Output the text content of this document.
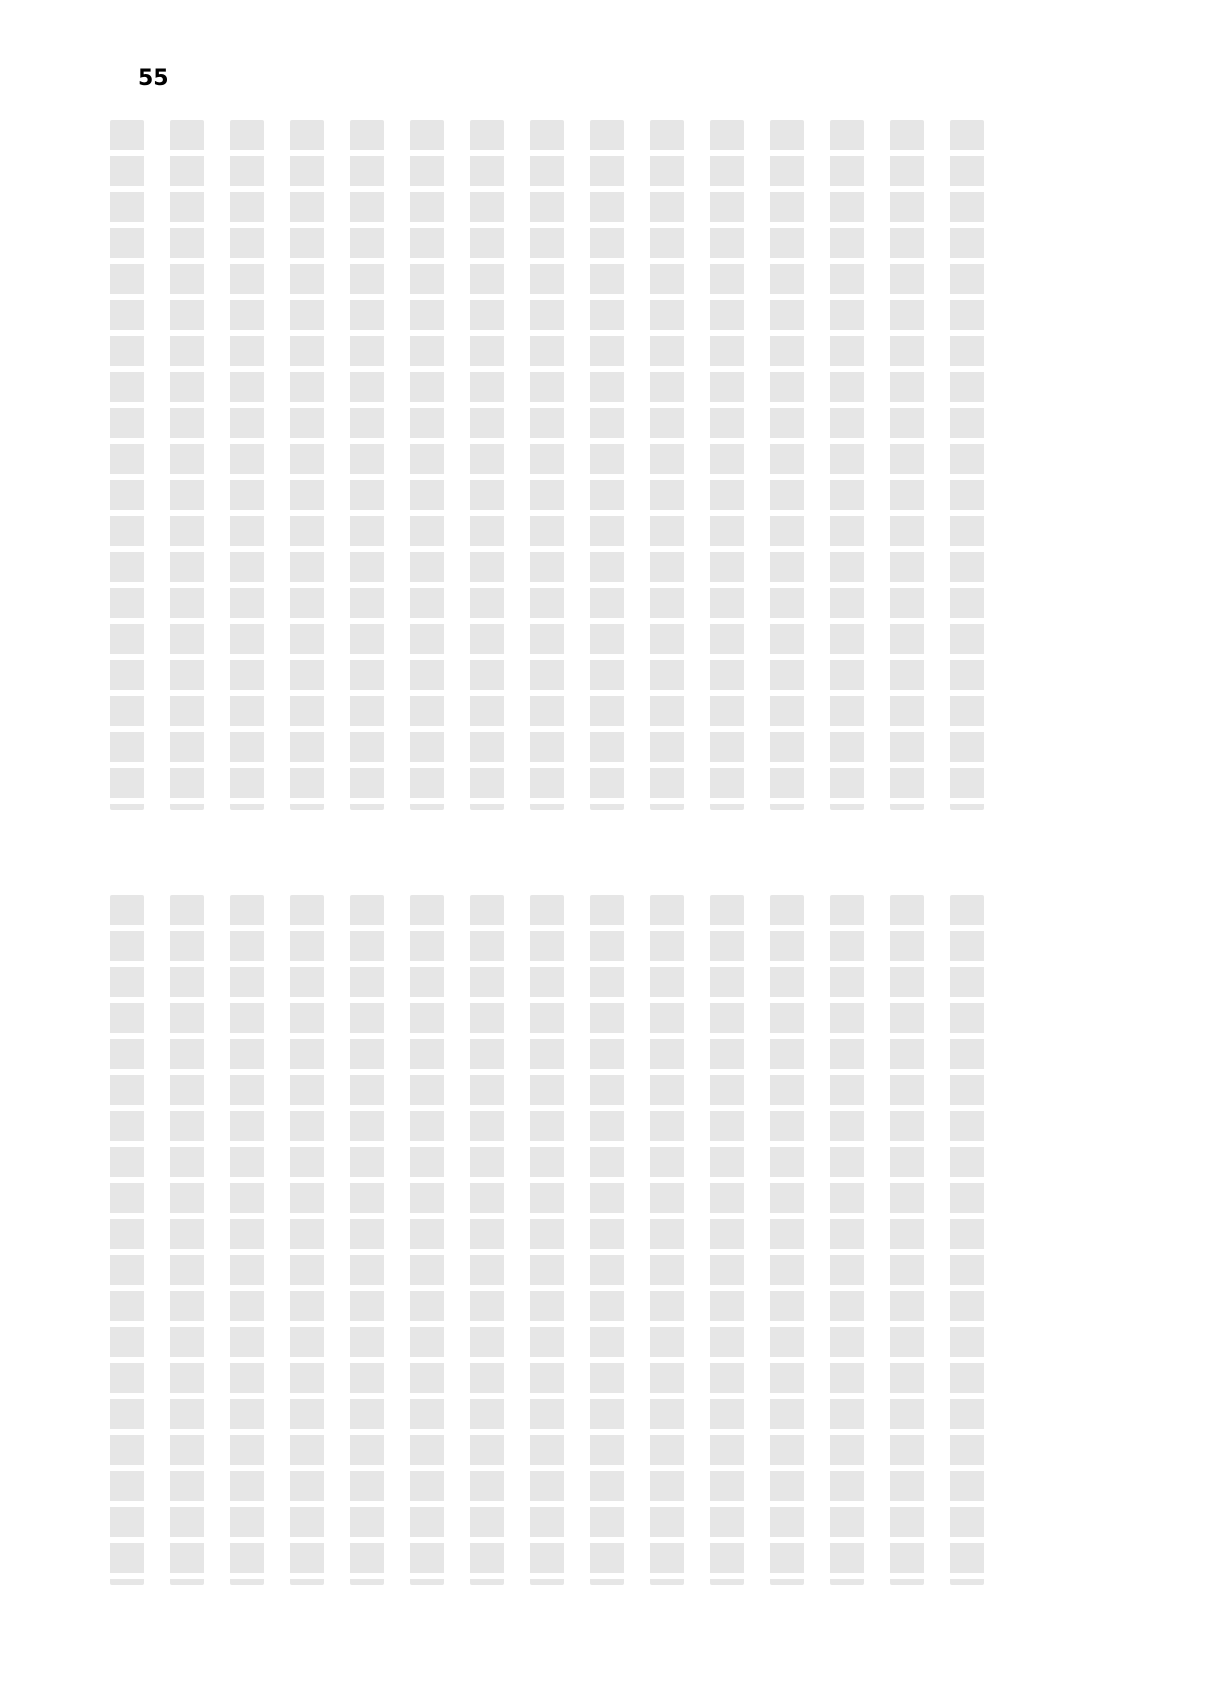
55
